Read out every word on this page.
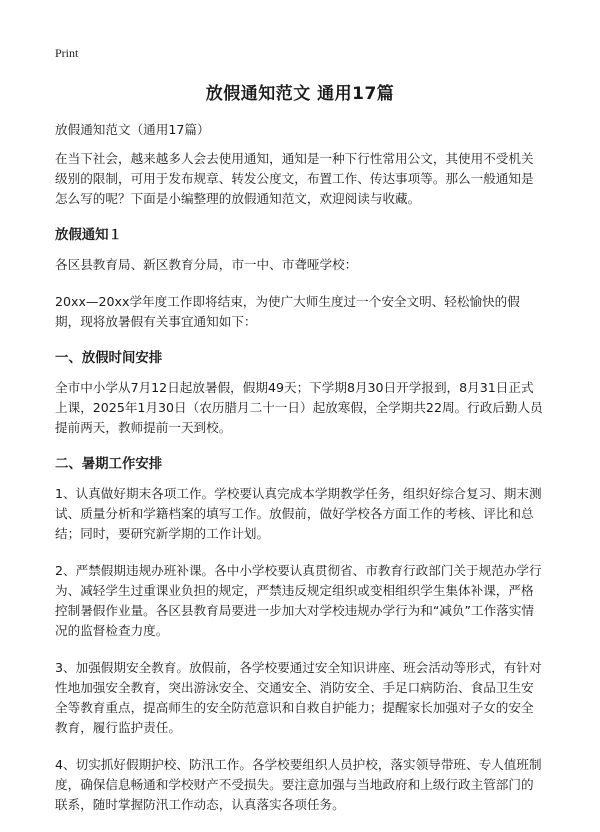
Print
放假通知范文 通用17篇

放假通知范文（通用17篇）

在当下社会，越来越多人会去使用通知，通知是一种下行性常用公文，其使用不受机关级别的限制，可用于发布规章、转发公度文，布置工作、传达事项等。那么一般通知是怎么写的呢？下面是小编整理的放假通知范文，欢迎阅读与收藏。

放假通知１

各区县教育局、新区教育分局，市一中、市聋哑学校：

20xx—20xx学年度工作即将结束，为使广大师生度过一个安全文明、轻松愉快的假期，现将放暑假有关事宜通知如下：

一、放假时间安排

全市中小学从7月12日起放暑假，假期49天；下学期8月30日开学报到，8月31日正式上课，2025年1月30日（农历腊月二十一日）起放寒假，全学期共22周。行政后勤人员提前两天，教师提前一天到校。

二、暑期工作安排

1、认真做好期末各项工作。学校要认真完成本学期教学任务，组织好综合复习、期末测试、质量分析和学籍档案的填写工作。放假前，做好学校各方面工作的考核、评比和总结；同时，要研究新学期的工作计划。

2、严禁假期违规办班补课。各中小学校要认真贯彻省、市教育行政部门关于规范办学行为、减轻学生过重课业负担的规定，严禁违反规定组织或变相组织学生集体补课，严格控制暑假作业量。各区县教育局要进一步加大对学校违规办学行为和“减负”工作落实情况的监督检查力度。

3、加强假期安全教育。放假前，各学校要通过安全知识讲座、班会活动等形式，有针对性地加强安全教育，突出游泳安全、交通安全、消防安全、手足口病防治、食品卫生安全等教育重点，提高师生的安全防范意识和自救自护能力；提醒家长加强对子女的安全教育，履行监护责任。

4、切实抓好假期护校、防汛工作。各学校要组织人员护校，落实领导带班、专人值班制度，确保信息畅通和学校财产不受损失。要注意加强与当地政府和上级行政主管部门的联系，随时掌握防汛工作动态，认真落实各项任务。
